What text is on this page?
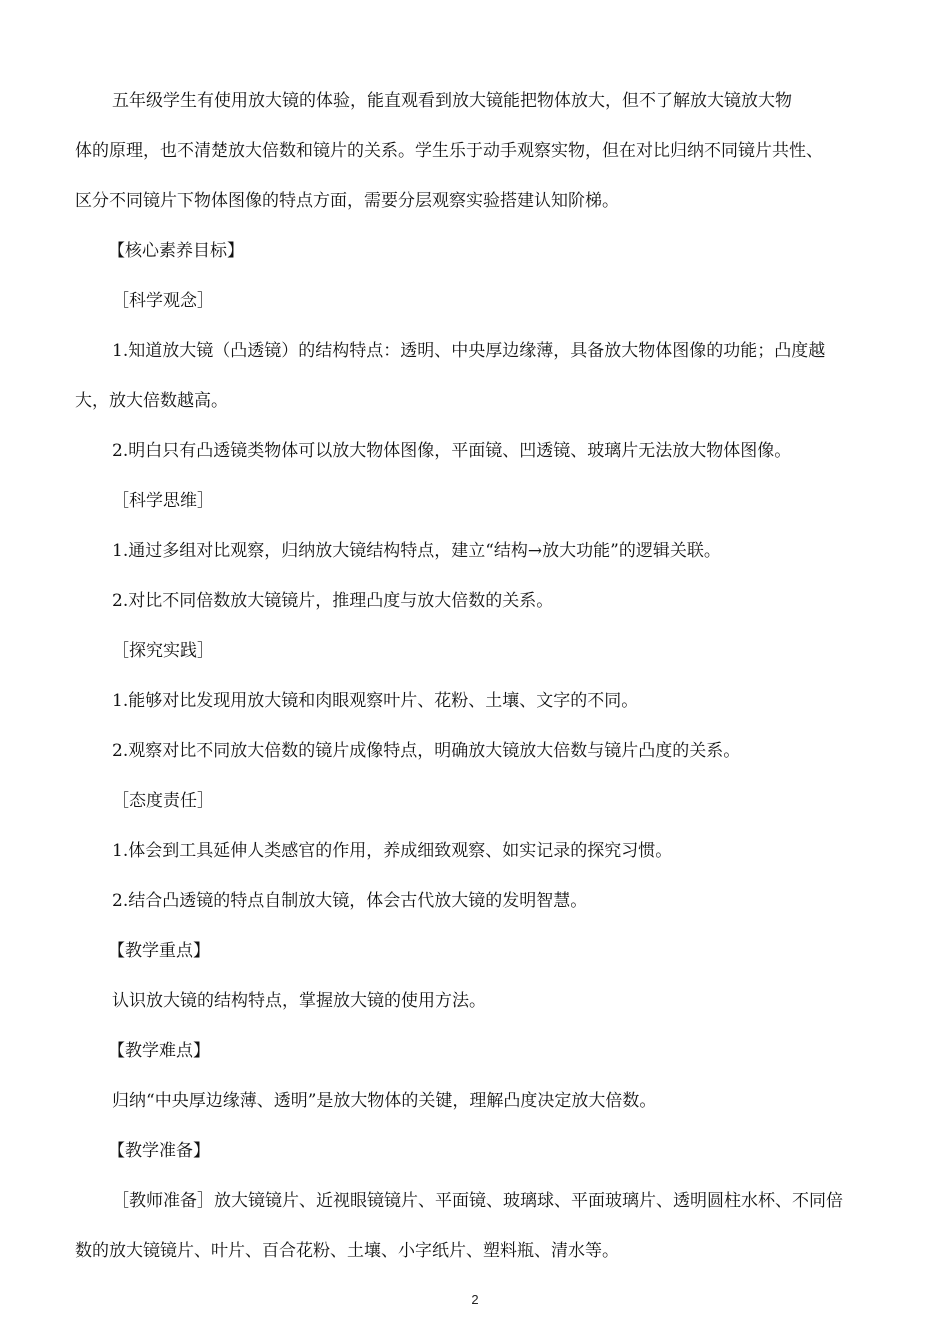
五年级学生有使用放大镜的体验，能直观看到放大镜能把物体放大，但不了解放大镜放大物
体的原理，也不清楚放大倍数和镜片的关系。学生乐于动手观察实物，但在对比归纳不同镜片共性、
区分不同镜片下物体图像的特点方面，需要分层观察实验搭建认知阶梯。
【核心素养目标】
［科学观念］
1.知道放大镜（凸透镜）的结构特点：透明、中央厚边缘薄，具备放大物体图像的功能；凸度越
大，放大倍数越高。
2.明白只有凸透镜类物体可以放大物体图像，平面镜、凹透镜、玻璃片无法放大物体图像。
［科学思维］
1.通过多组对比观察，归纳放大镜结构特点，建立“结构→放大功能”的逻辑关联。
2.对比不同倍数放大镜镜片，推理凸度与放大倍数的关系。
［探究实践］
1.能够对比发现用放大镜和肉眼观察叶片、花粉、土壤、文字的不同。
2.观察对比不同放大倍数的镜片成像特点，明确放大镜放大倍数与镜片凸度的关系。
［态度责任］
1.体会到工具延伸人类感官的作用，养成细致观察、如实记录的探究习惯。
2.结合凸透镜的特点自制放大镜，体会古代放大镜的发明智慧。
【教学重点】
认识放大镜的结构特点，掌握放大镜的使用方法。
【教学难点】
归纳“中央厚边缘薄、透明”是放大物体的关键，理解凸度决定放大倍数。
【教学准备】
［教师准备］放大镜镜片、近视眼镜镜片、平面镜、玻璃球、平面玻璃片、透明圆柱水杯、不同倍
数的放大镜镜片、叶片、百合花粉、土壤、小字纸片、塑料瓶、清水等。
2
